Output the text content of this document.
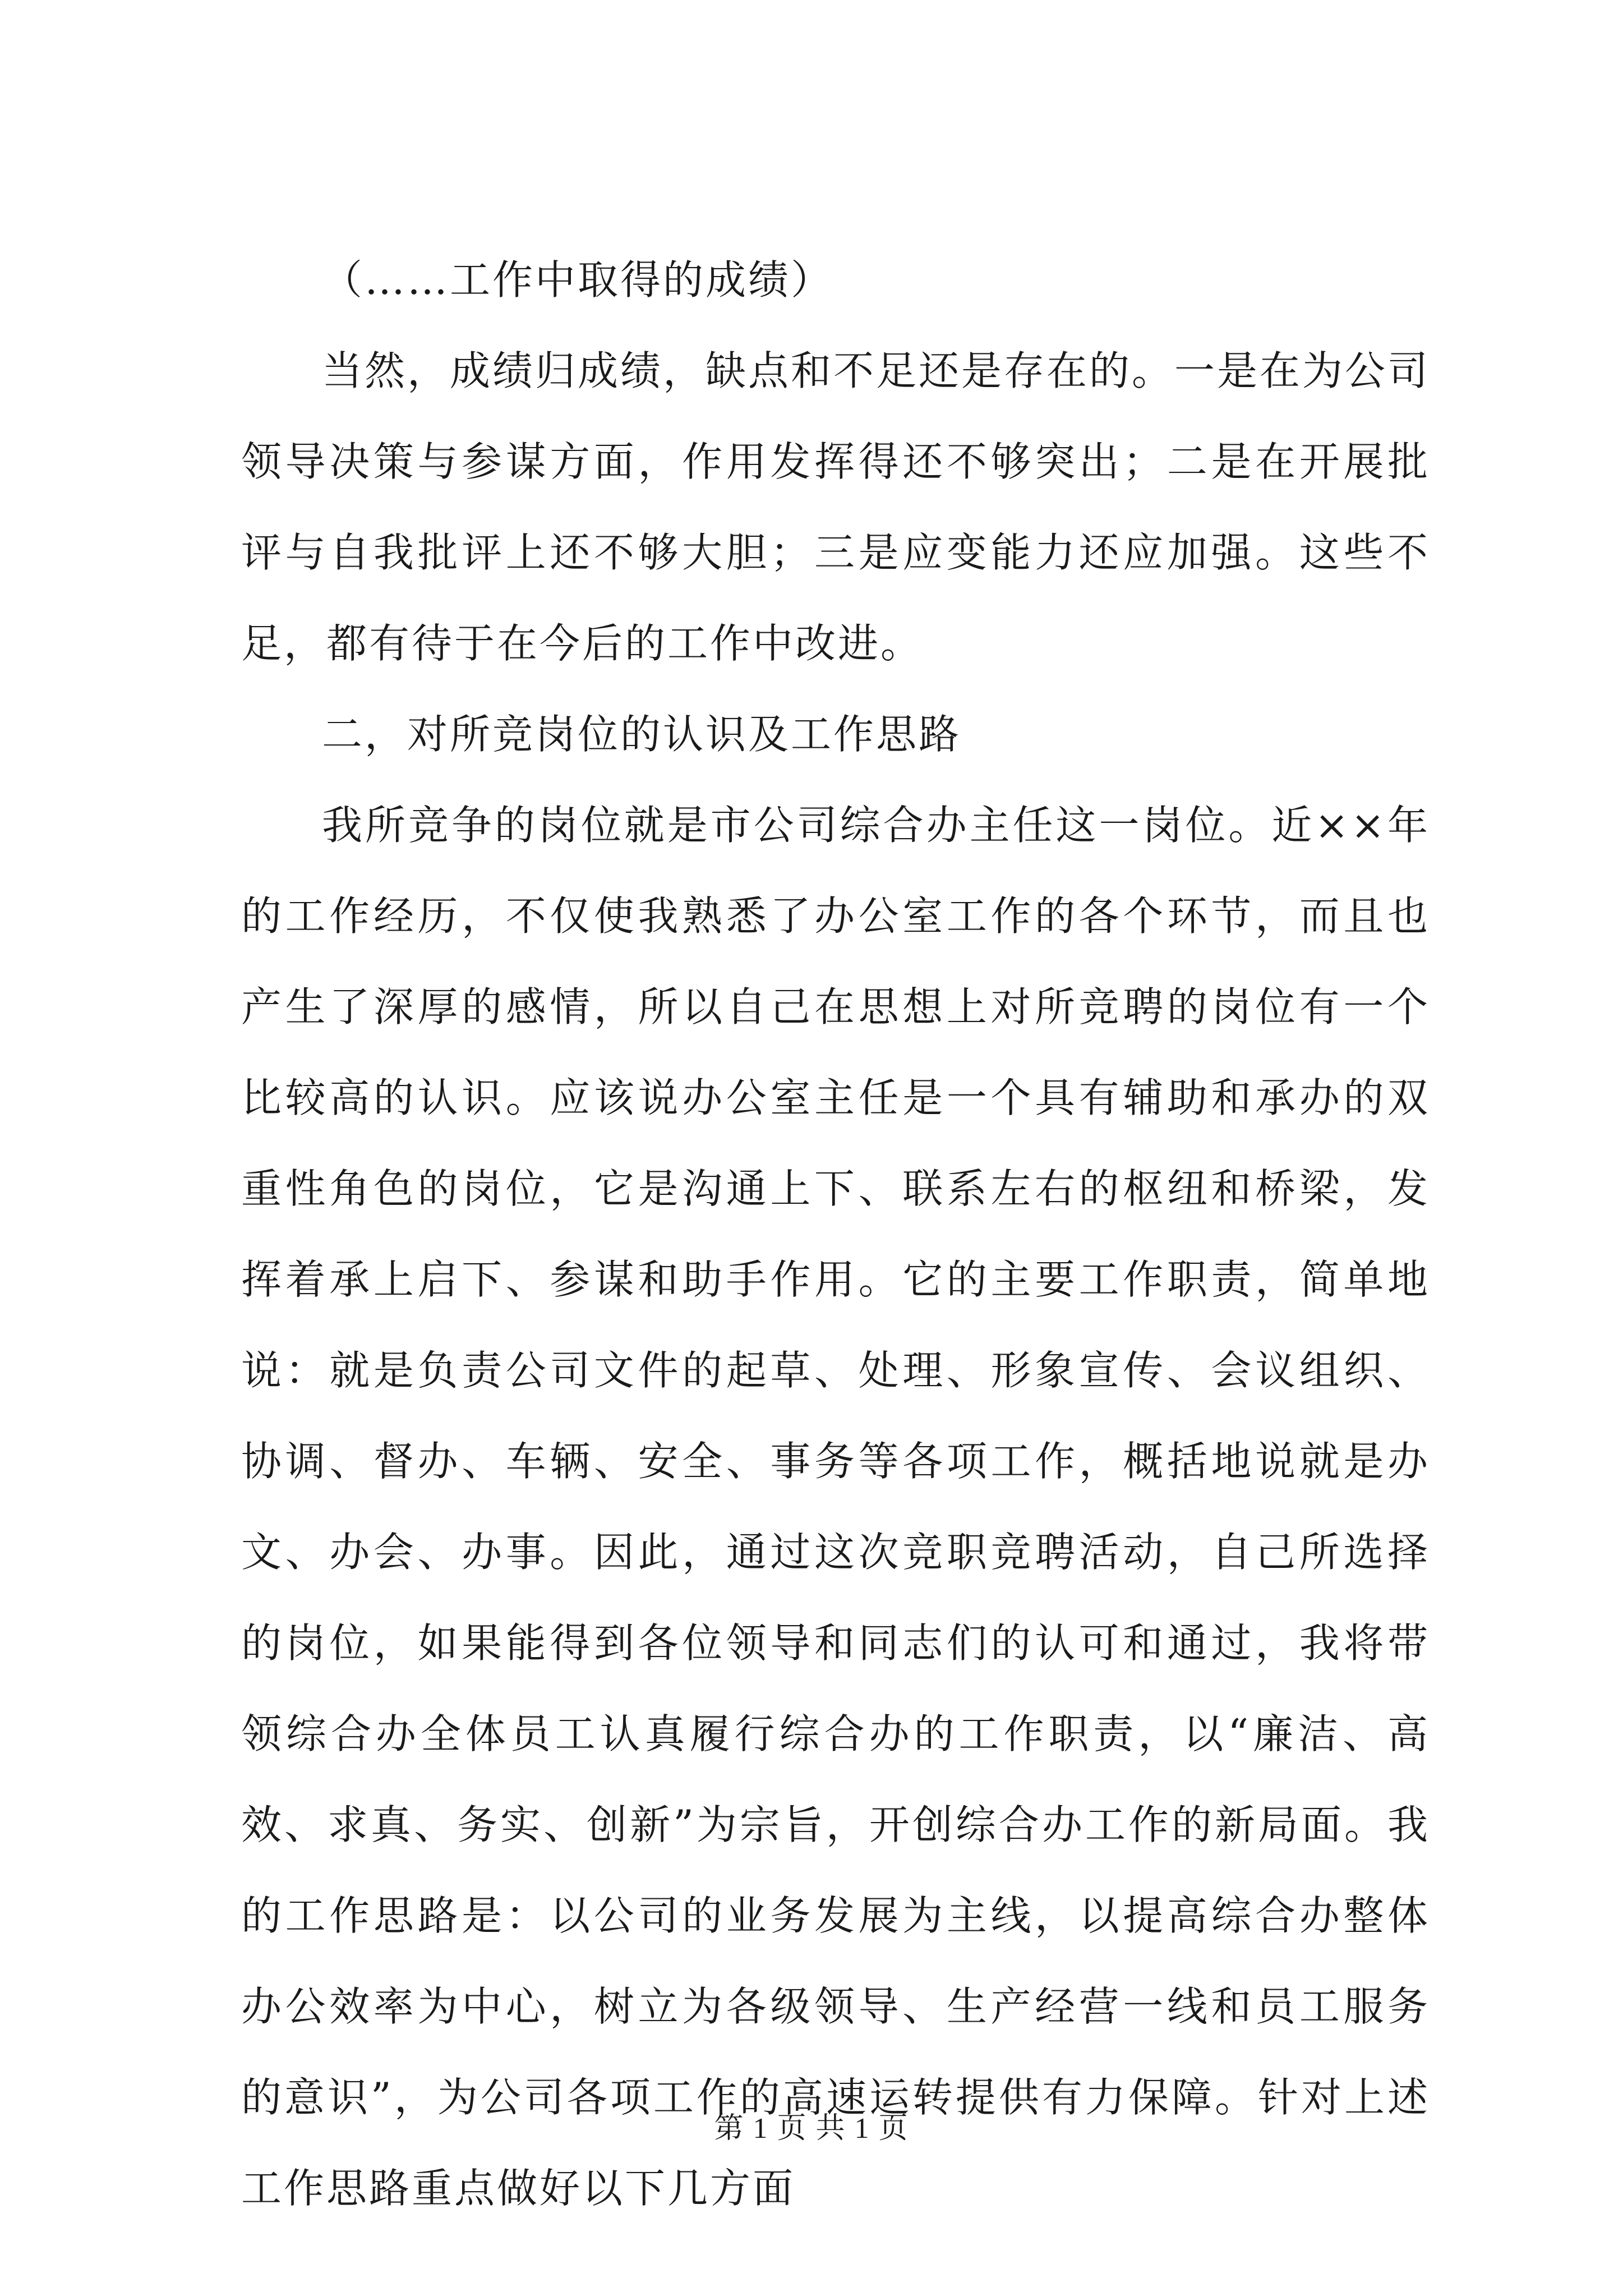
（……工作中取得的成绩）

当然，成绩归成绩，缺点和不足还是存在的。一是在为公司领导决策与参谋方面，作用发挥得还不够突出；二是在开展批评与自我批评上还不够大胆；三是应变能力还应加强。这些不足，都有待于在今后的工作中改进。

二，对所竞岗位的认识及工作思路

我所竞争的岗位就是市公司综合办主任这一岗位。近××年的工作经历，不仅使我熟悉了办公室工作的各个环节，而且也产生了深厚的感情，所以自己在思想上对所竞聘的岗位有一个比较高的认识。应该说办公室主任是一个具有辅助和承办的双重性角色的岗位，它是沟通上下、联系左右的枢纽和桥梁，发挥着承上启下、参谋和助手作用。它的主要工作职责，简单地说：就是负责公司文件的起草、处理、形象宣传、会议组织、协调、督办、车辆、安全、事务等各项工作，概括地说就是办文、办会、办事。因此，通过这次竞职竞聘活动，自己所选择的岗位，如果能得到各位领导和同志们的认可和通过，我将带领综合办全体员工认真履行综合办的工作职责，以“廉洁、高效、求真、务实、创新”为宗旨，开创综合办工作的新局面。我的工作思路是：以公司的业务发展为主线，以提高综合办整体办公效率为中心，树立为各级领导、生产经营一线和员工服务的意识”，为公司各项工作的高速运转提供有力保障。针对上述工作思路重点做好以下几方面

第 1 页 共 1 页
